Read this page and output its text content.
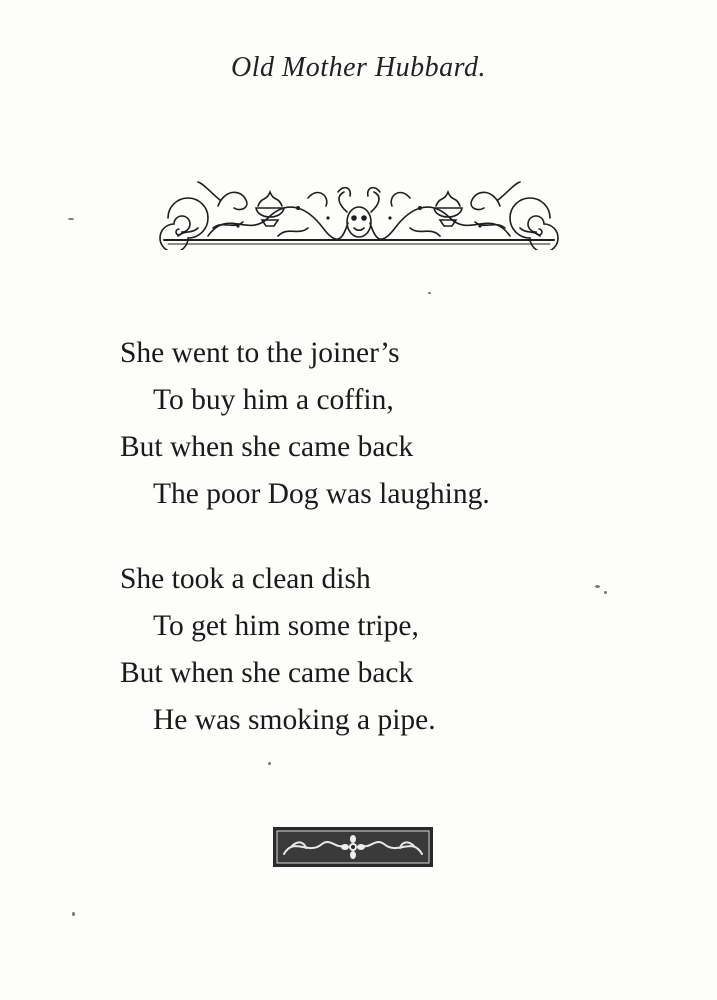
Old Mother Hubbard.
She went to the joiner’s
To buy him a coffin,
But when she came back
The poor Dog was laughing.
She took a clean dish
To get him some tripe,
But when she came back
He was smoking a pipe.
